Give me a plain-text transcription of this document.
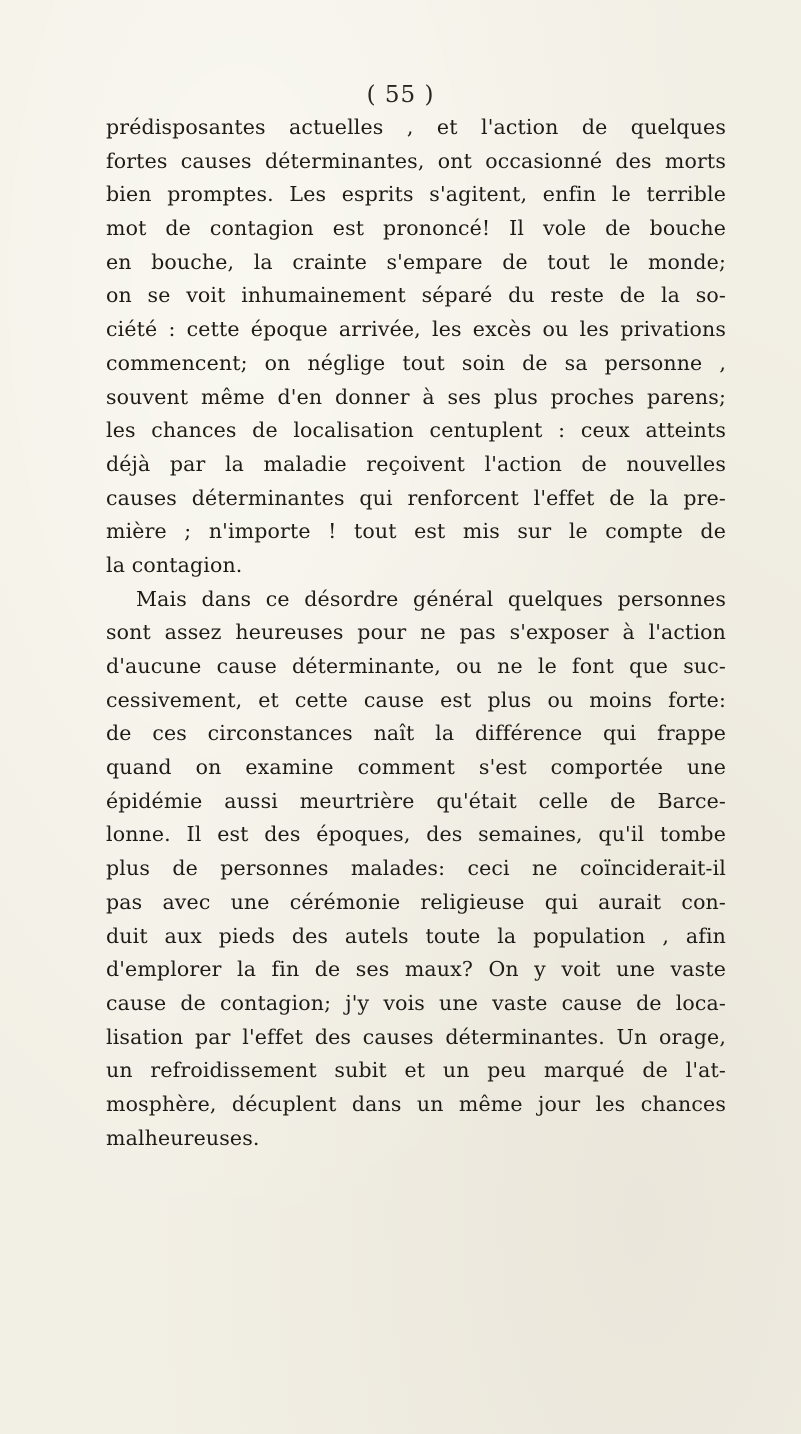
( 55 )
prédisposantes actuelles , et l'action de quelques
fortes causes déterminantes, ont occasionné des morts
bien promptes. Les esprits s'agitent, enfin le terrible
mot de contagion est prononcé! Il vole de bouche
en bouche, la crainte s'empare de tout le monde;
on se voit inhumainement séparé du reste de la so-
ciété : cette époque arrivée, les excès ou les privations
commencent; on néglige tout soin de sa personne ,
souvent même d'en donner à ses plus proches parens;
les chances de localisation centuplent : ceux atteints
déjà par la maladie reçoivent l'action de nouvelles
causes déterminantes qui renforcent l'effet de la pre-
mière ; n'importe ! tout est mis sur le compte de
la contagion.
Mais dans ce désordre général quelques personnes
sont assez heureuses pour ne pas s'exposer à l'action
d'aucune cause déterminante, ou ne le font que suc-
cessivement, et cette cause est plus ou moins forte:
de ces circonstances naît la différence qui frappe
quand on examine comment s'est comportée une
épidémie aussi meurtrière qu'était celle de Barce-
lonne. Il est des époques, des semaines, qu'il tombe
plus de personnes malades: ceci ne coïnciderait-il
pas avec une cérémonie religieuse qui aurait con-
duit aux pieds des autels toute la population , afin
d'emplorer la fin de ses maux? On y voit une vaste
cause de contagion; j'y vois une vaste cause de loca-
lisation par l'effet des causes déterminantes. Un orage,
un refroidissement subit et un peu marqué de l'at-
mosphère, décuplent dans un même jour les chances
malheureuses.
